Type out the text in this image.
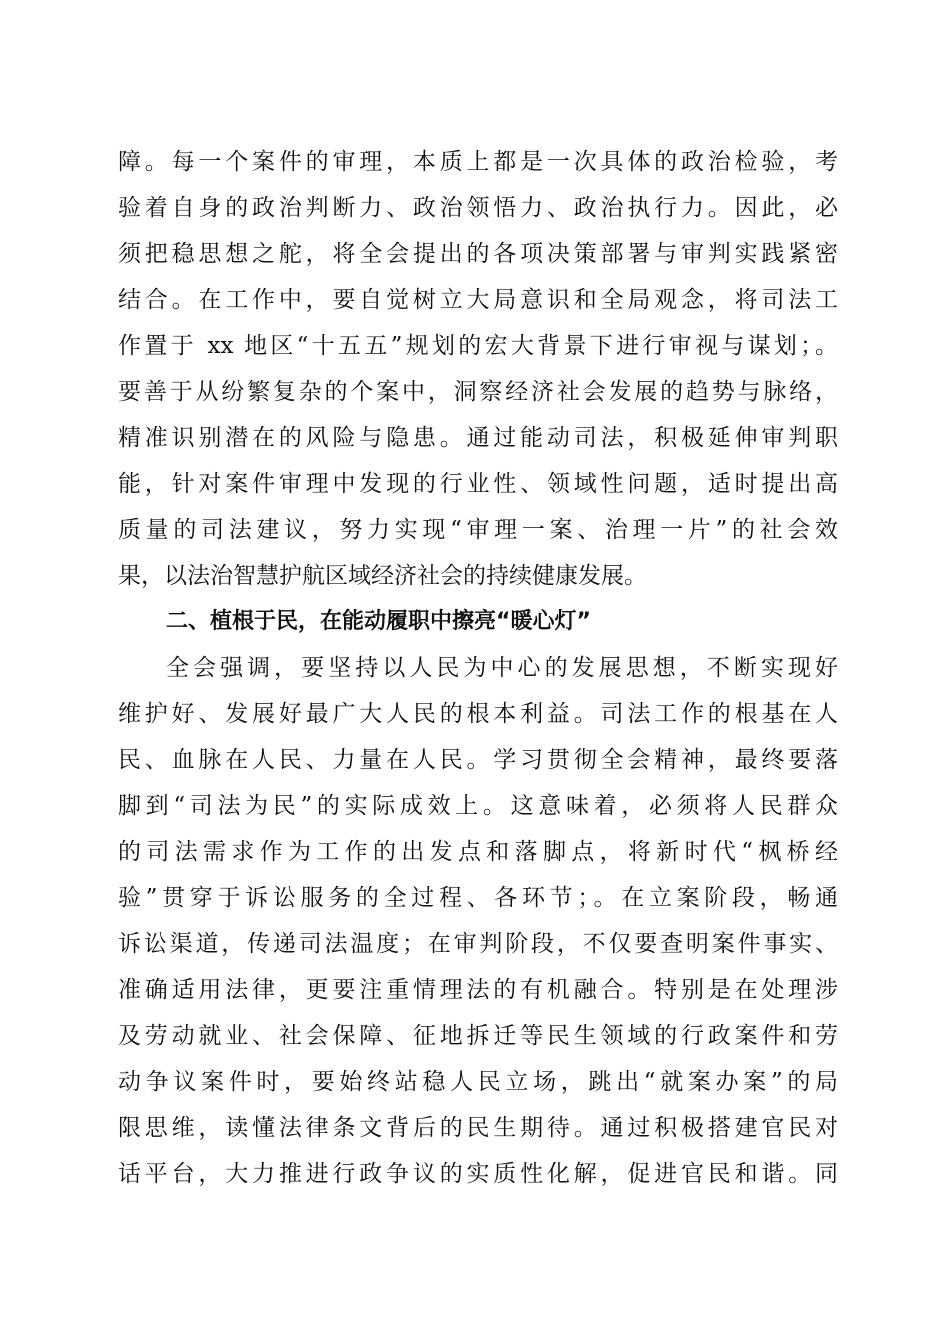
障。每一个案件的审理，本质上都是一次具体的政治检验，考
验着自身的政治判断力、政治领悟力、政治执行力。因此，必
须把稳思想之舵，将全会提出的各项决策部署与审判实践紧密
结合。在工作中，要自觉树立大局意识和全局观念，将司法工
作置于 xx 地区“十五五”规划的宏大背景下进行审视与谋划；。
要善于从纷繁复杂的个案中，洞察经济社会发展的趋势与脉络，
精准识别潜在的风险与隐患。通过能动司法，积极延伸审判职
能，针对案件审理中发现的行业性、领域性问题，适时提出高
质量的司法建议，努力实现“审理一案、治理一片”的社会效
果，以法治智慧护航区域经济社会的持续健康发展。
二、植根于民，在能动履职中擦亮“暖心灯”
全会强调，要坚持以人民为中心的发展思想，不断实现好
维护好、发展好最广大人民的根本利益。司法工作的根基在人
民、血脉在人民、力量在人民。学习贯彻全会精神，最终要落
脚到“司法为民”的实际成效上。这意味着，必须将人民群众
的司法需求作为工作的出发点和落脚点，将新时代“枫桥经
验”贯穿于诉讼服务的全过程、各环节；。在立案阶段，畅通
诉讼渠道，传递司法温度；在审判阶段，不仅要查明案件事实、
准确适用法律，更要注重情理法的有机融合。特别是在处理涉
及劳动就业、社会保障、征地拆迁等民生领域的行政案件和劳
动争议案件时，要始终站稳人民立场，跳出“就案办案”的局
限思维，读懂法律条文背后的民生期待。通过积极搭建官民对
话平台，大力推进行政争议的实质性化解，促进官民和谐。同
